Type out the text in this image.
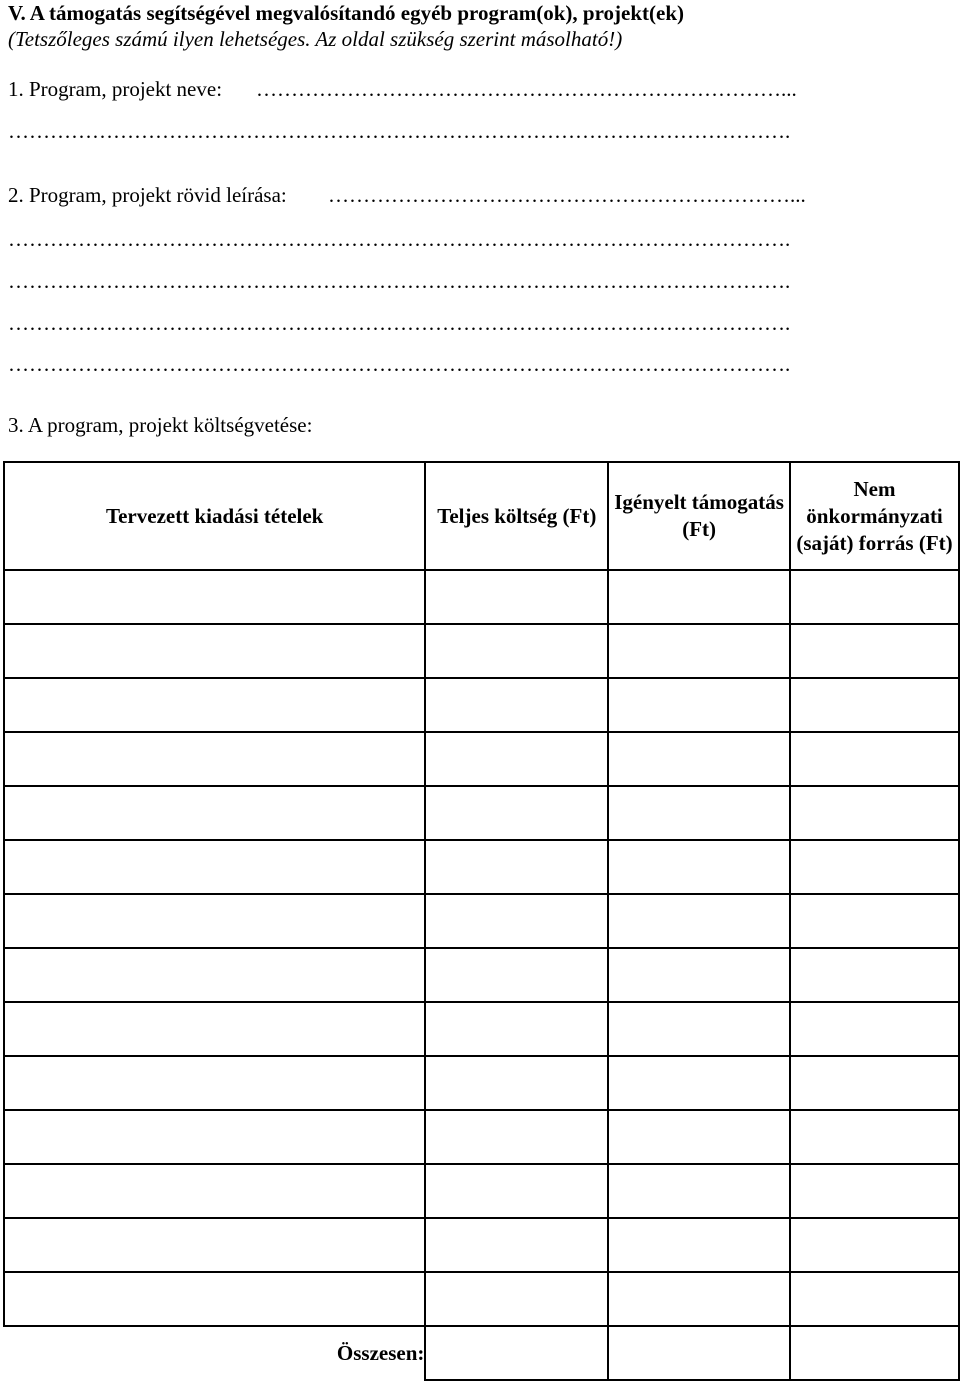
V. A támogatás segítségével megvalósítandó egyéb program(ok), projekt(ek)
(Tetszőleges számú ilyen lehetséges. Az oldal szükség szerint másolható!)
1. Program, projekt neve: …………………………………………………………………...
………………………………………………………………………………………………….
2. Program, projekt rövid leírása: …………………………………………………………...
………………………………………………………………………………………………….
………………………………………………………………………………………………….
………………………………………………………………………………………………….
………………………………………………………………………………………………….
3. A program, projekt költségvetése:
Tervezett kiadási tételek	Teljes költség (Ft)	Igényelt támogatás (Ft)	Nem önkormányzati (saját) forrás (Ft)

Összesen:			
